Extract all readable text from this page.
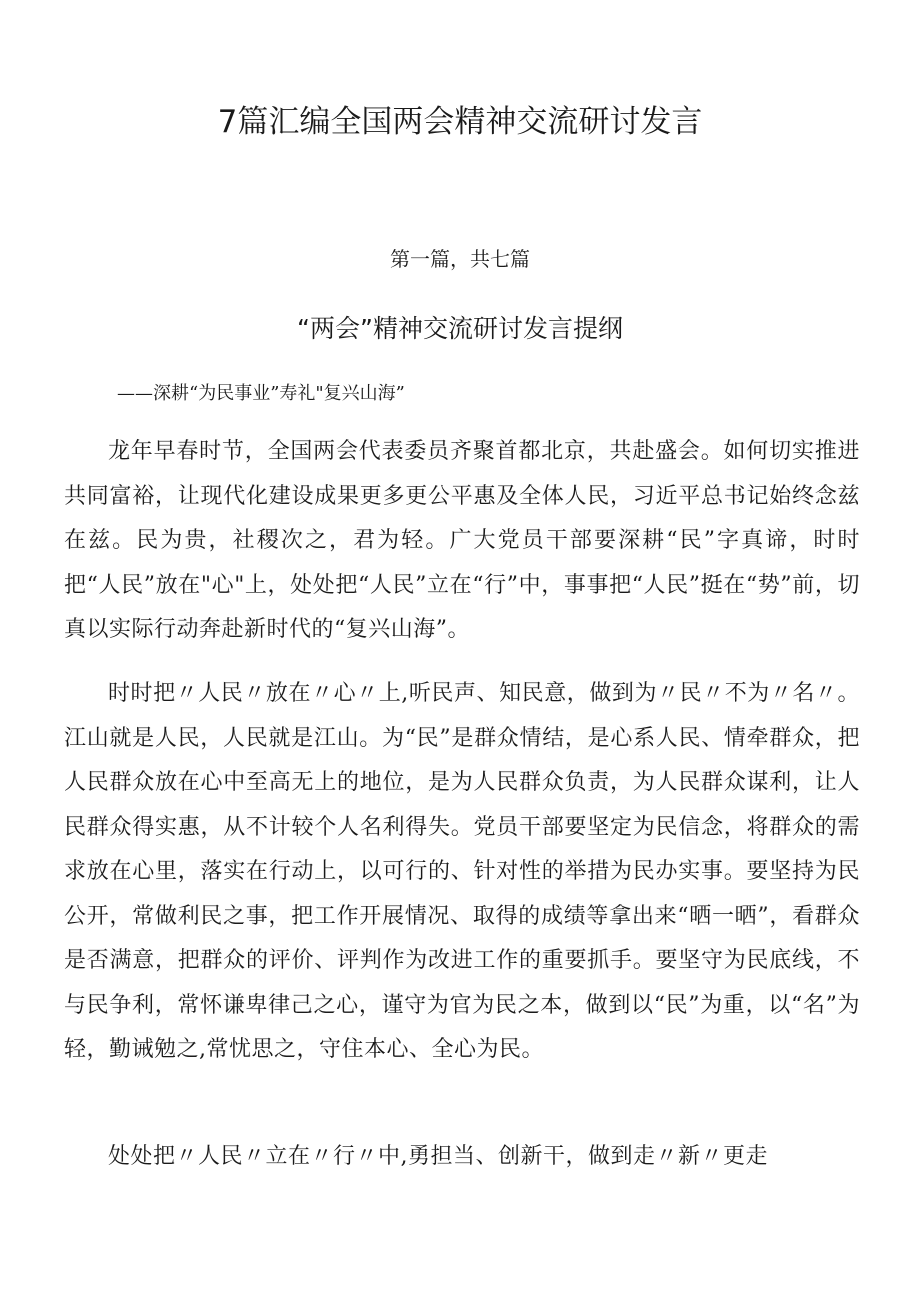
7篇汇编全国两会精神交流研讨发言

第一篇，共七篇

“两会”精神交流研讨发言提纲

——深耕“为民事业”寿礼"复兴山海”

龙年早春时节，全国两会代表委员齐聚首都北京，共赴盛会。如何切实推进共同富裕，让现代化建设成果更多更公平惠及全体人民，习近平总书记始终念兹在兹。民为贵，社稷次之，君为轻。广大党员干部要深耕“民”字真谛，时时把“人民”放在"心"上，处处把“人民”立在“行”中，事事把“人民”挺在“势”前，切真以实际行动奔赴新时代的“复兴山海”。

时时把〃人民〃放在〃心〃上,听民声、知民意，做到为〃民〃不为〃名〃。江山就是人民，人民就是江山。为“民”是群众情结，是心系人民、情牵群众，把人民群众放在心中至高无上的地位，是为人民群众负责，为人民群众谋利，让人民群众得实惠，从不计较个人名利得失。党员干部要坚定为民信念，将群众的需求放在心里，落实在行动上，以可行的、针对性的举措为民办实事。要坚持为民公开，常做利民之事，把工作开展情况、取得的成绩等拿出来“晒一晒”，看群众是否满意，把群众的评价、评判作为改进工作的重要抓手。要坚守为民底线，不与民争利，常怀谦卑律己之心，谨守为官为民之本，做到以“民”为重，以“名”为轻，勤诫勉之,常忧思之，守住本心、全心为民。

处处把〃人民〃立在〃行〃中,勇担当、创新干，做到走〃新〃更走
